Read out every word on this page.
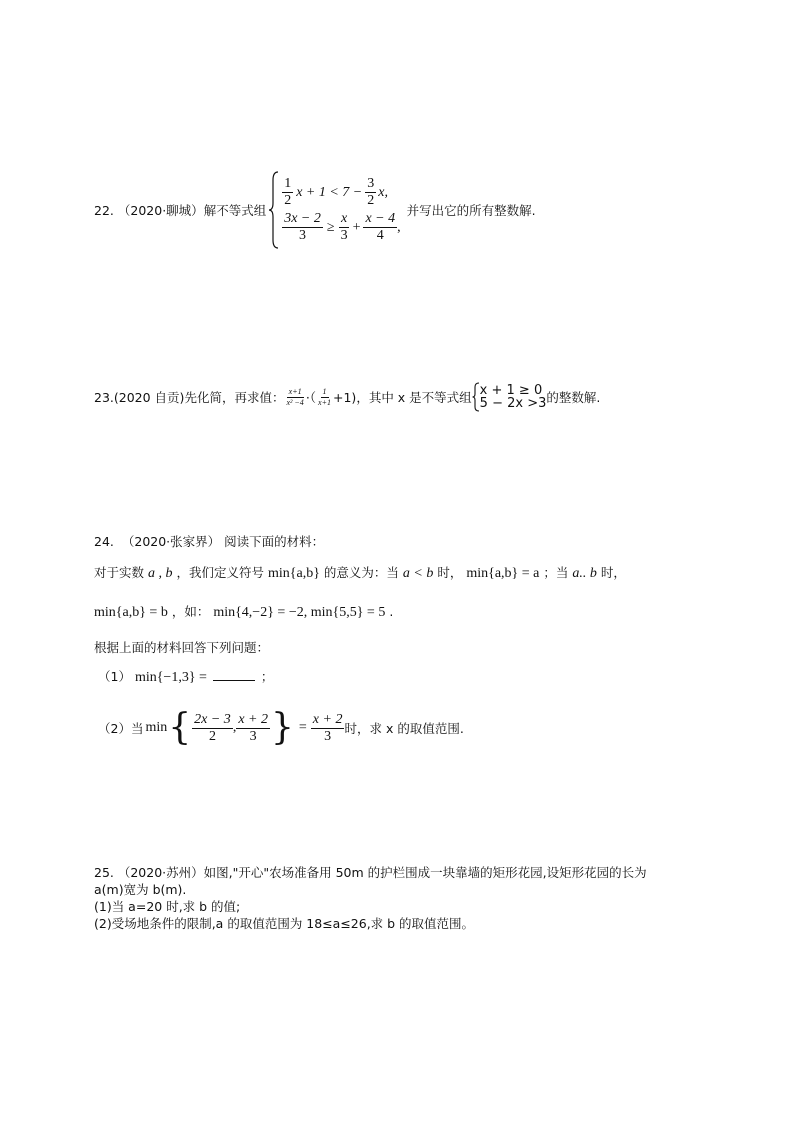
22. （2020·聊城） 解不等式组
$\frac{1}{2}$ $x + 1 < 7 - \frac{3}{2} x$,
$\frac{3x - 2}{3} \ge \frac{x}{3} + \frac{x - 4}{4}$ ,
并写出它的所有整数解.
23. (2020 自贡) 先化简，再求值： $\frac{x+1}{\text{x² −4}}$ ·（ $\frac{1}{x+1} +1$) ，其中 x 是不等式组 x + 1 ≥ 0
5 − 2x >3 的整数解.
24. （2020·张家界） 阅读下面的材料：
对于实数 a , b ，我们定义符号 min{a,b} 的意义为：当 a < b 时， min{a,b} = a ；当 a.. b 时，
min{a,b} = b ，如： min{4,−2} = −2, min{5,5} = 5 .
根据上面的材料回答下列问题：
（1） min{−1,3} =	；
（2）当 min { $\frac{2x - 3}{2}$ , $\frac{x + 2}{3}$ } = $\frac{x + 2}{3}$ 时，求 x 的取值范围.
25. （2020·苏州）如图,"开心"农场准备用 50m 的护栏围成一块靠墙的矩形花园,设矩形花园的长为
a(m)宽为 b(m).
(1)当 a=20 时,求 b 的值;
(2)受场地条件的限制,a 的取值范围为 18≤a≤26,求 b 的取值范围。
